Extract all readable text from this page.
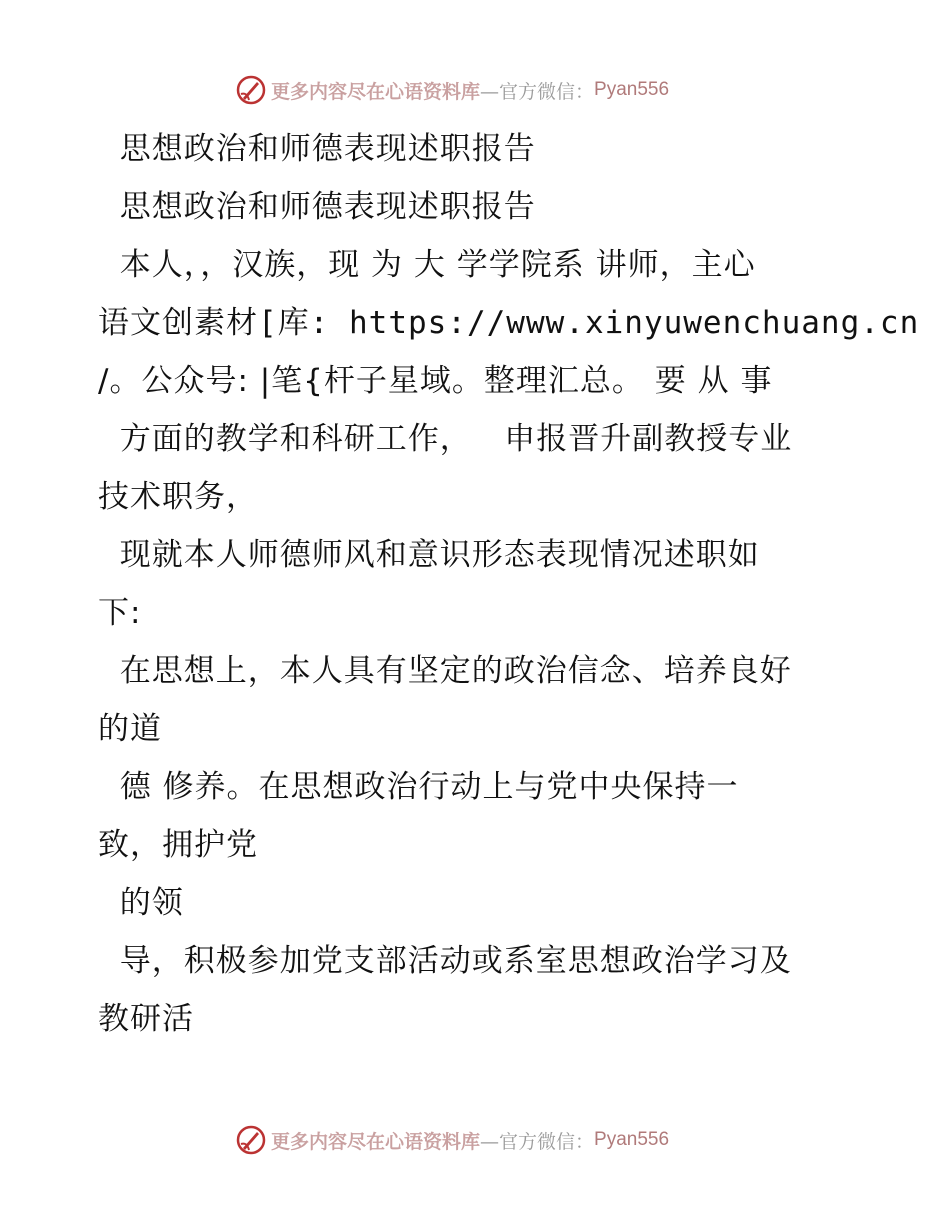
更多内容尽在心语资料库 —官方微信： Pyan556
思想政治和师德表现述职报告
思想政治和师德表现述职报告
本人，，汉族，现 为 大 学学院系 讲师，主心
语文创素材[库: https://www.xinyuwenchuang.cn
/。公众号: |笔{杆子星域。整理汇总。 要 从 事
方面的教学和科研工作，   申报晋升副教授专业
技术职务，
现就本人师德师风和意识形态表现情况述职如
下:
在思想上，本人具有坚定的政治信念、培养良好
的道
德 修养。在思想政治行动上与党中央保持一
致，拥护党
的领
导，积极参加党支部活动或系室思想政治学习及
教研活
更多内容尽在心语资料库 —官方微信： Pyan556
